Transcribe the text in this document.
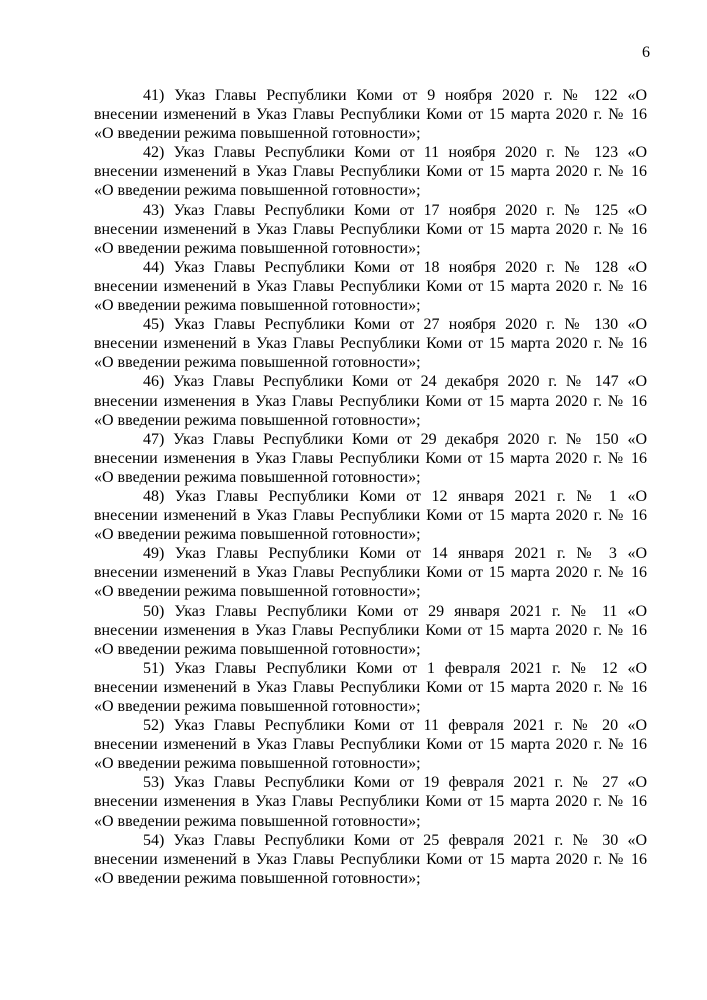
6
41) Указ Главы Республики Коми от 9 ноября 2020 г. № 122 «О
внесении изменений в Указ Главы Республики Коми от 15 марта 2020 г. № 16
«О введении режима повышенной готовности»;
42) Указ Главы Республики Коми от 11 ноября 2020 г. № 123 «О
внесении изменений в Указ Главы Республики Коми от 15 марта 2020 г. № 16
«О введении режима повышенной готовности»;
43) Указ Главы Республики Коми от 17 ноября 2020 г. № 125 «О
внесении изменений в Указ Главы Республики Коми от 15 марта 2020 г. № 16
«О введении режима повышенной готовности»;
44) Указ Главы Республики Коми от 18 ноября 2020 г. № 128 «О
внесении изменений в Указ Главы Республики Коми от 15 марта 2020 г. № 16
«О введении режима повышенной готовности»;
45) Указ Главы Республики Коми от 27 ноября 2020 г. № 130 «О
внесении изменений в Указ Главы Республики Коми от 15 марта 2020 г. № 16
«О введении режима повышенной готовности»;
46) Указ Главы Республики Коми от 24 декабря 2020 г. № 147 «О
внесении изменения в Указ Главы Республики Коми от 15 марта 2020 г. № 16
«О введении режима повышенной готовности»;
47) Указ Главы Республики Коми от 29 декабря 2020 г. № 150 «О
внесении изменения в Указ Главы Республики Коми от 15 марта 2020 г. № 16
«О введении режима повышенной готовности»;
48) Указ Главы Республики Коми от 12 января 2021 г. № 1 «О
внесении изменений в Указ Главы Республики Коми от 15 марта 2020 г. № 16
«О введении режима повышенной готовности»;
49) Указ Главы Республики Коми от 14 января 2021 г. № 3 «О
внесении изменений в Указ Главы Республики Коми от 15 марта 2020 г. № 16
«О введении режима повышенной готовности»;
50) Указ Главы Республики Коми от 29 января 2021 г. № 11 «О
внесении изменения в Указ Главы Республики Коми от 15 марта 2020 г. № 16
«О введении режима повышенной готовности»;
51) Указ Главы Республики Коми от 1 февраля 2021 г. № 12 «О
внесении изменений в Указ Главы Республики Коми от 15 марта 2020 г. № 16
«О введении режима повышенной готовности»;
52) Указ Главы Республики Коми от 11 февраля 2021 г. № 20 «О
внесении изменений в Указ Главы Республики Коми от 15 марта 2020 г. № 16
«О введении режима повышенной готовности»;
53) Указ Главы Республики Коми от 19 февраля 2021 г. № 27 «О
внесении изменения в Указ Главы Республики Коми от 15 марта 2020 г. № 16
«О введении режима повышенной готовности»;
54) Указ Главы Республики Коми от 25 февраля 2021 г. № 30 «О
внесении изменений в Указ Главы Республики Коми от 15 марта 2020 г. № 16
«О введении режима повышенной готовности»;
